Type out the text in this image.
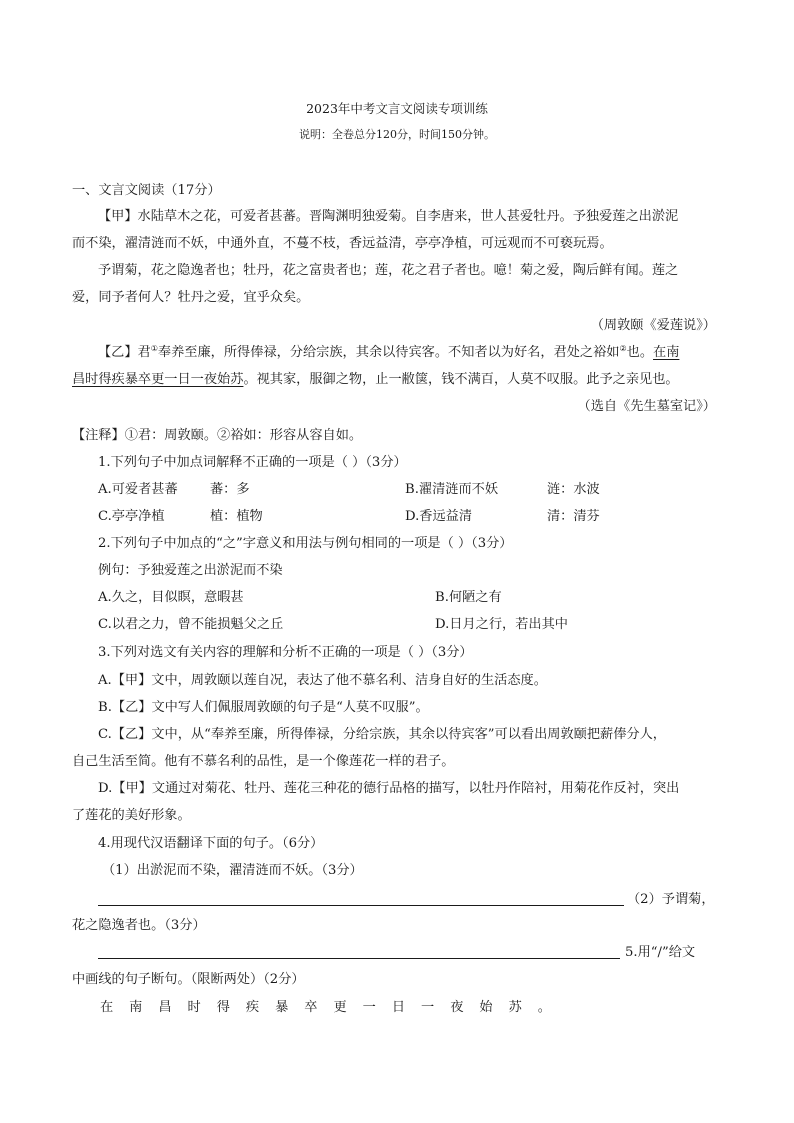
2023年中考文言文阅读专项训练
说明：全卷总分120分，时间150分钟。
一、文言文阅读（17分）
【甲】水陆草木之花，可爱者甚蕃。晋陶渊明独爱菊。自李唐来，世人甚爱牡丹。予独爱莲之出淤泥
而不染，濯清涟而不妖，中通外直，不蔓不枝，香远益清，亭亭净植，可远观而不可亵玩焉。
予谓菊，花之隐逸者也；牡丹，花之富贵者也；莲，花之君子者也。噫！菊之爱，陶后鲜有闻。莲之
爱，同予者何人？牡丹之爱，宜乎众矣。
（周敦颐《爱莲说》）
【乙】君①奉养至廉，所得俸禄，分给宗族，其余以待宾客。不知者以为好名，君处之裕如②也。在南
昌时得疾暴卒更一日一夜始苏。视其家，服御之物，止一敝箧，钱不满百，人莫不叹服。此予之亲见也。
（选自《先生墓室记》）
【注释】①君：周敦颐。②裕如：形容从容自如。
1.下列句子中加点词解释不正确的一项是（ ）（3分）
A.可爱者甚蕃 蕃：多	B.濯清涟而不妖	涟：水波
C.亭亭净植	植：植物	D.香远益清	清：清芬
2.下列句子中加点的“之”字意义和用法与例句相同的一项是（ ）（3分）
例句：予独爱莲之出淤泥而不染
A.久之，目似瞑，意暇甚	B.何陋之有
C.以君之力，曾不能损魁父之丘	D.日月之行，若出其中
3.下列对选文有关内容的理解和分析不正确的一项是（ ）（3分）
A.【甲】文中，周敦颐以莲自况，表达了他不慕名利、洁身自好的生活态度。
B.【乙】文中写人们佩服周敦颐的句子是“人莫不叹服”。
C.【乙】文中，从“奉养至廉，所得俸禄，分给宗族，其余以待宾客”可以看出周敦颐把薪俸分人，
自己生活至简。他有不慕名利的品性，是一个像莲花一样的君子。
D.【甲】文通过对菊花、牡丹、莲花三种花的德行品格的描写，以牡丹作陪衬，用菊花作反衬，突出
了莲花的美好形象。
4.用现代汉语翻译下面的句子。（6分）
（1）出淤泥而不染，濯清涟而不妖。（3分）
（2）予谓菊，
花之隐逸者也。（3分）
5.用“/”给文
中画线的句子断句。（限断两处）（2分）
在南昌时得疾暴卒更一日一夜始苏。
